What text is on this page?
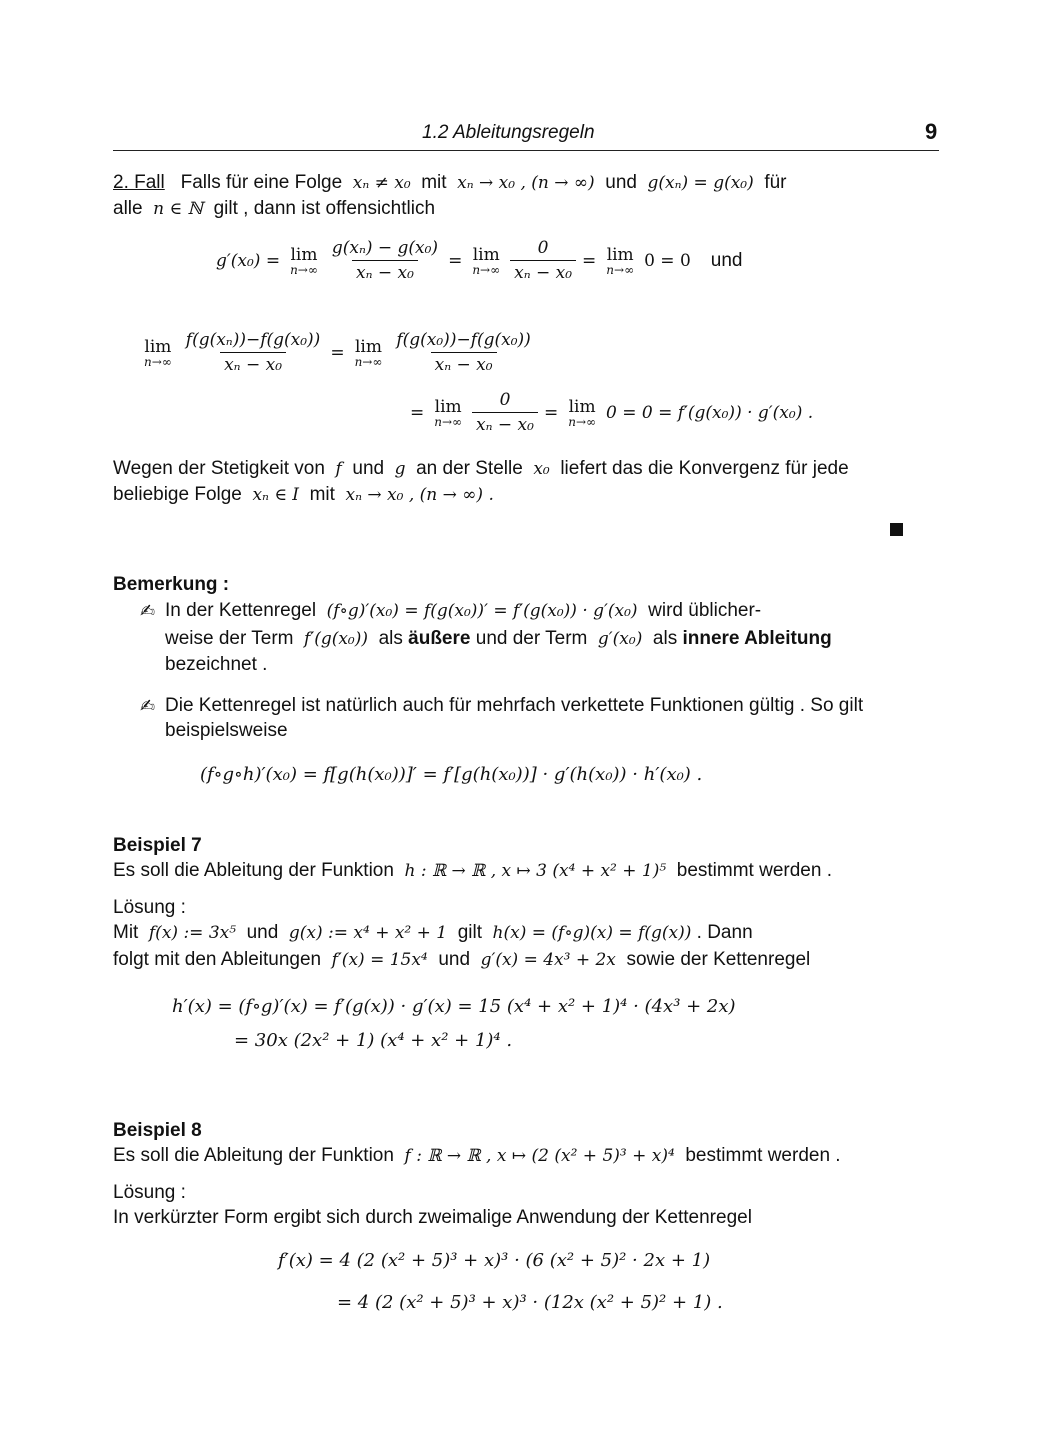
1.2 Ableitungsregeln	9
2. Fall Falls für eine Folge xₙ ≠ x₀ mit xₙ → x₀ , (n → ∞) und g(xₙ) = g(x₀) für
alle n ∈ ℕ gilt , dann ist offensichtlich
g′(x₀) = lim
$n\to\infty \frac{\text{g(xₙ) − g(x₀)}}{\text{xₙ − x₀}} = \lim$
$n\to\infty \frac{0}{\text{xₙ − x₀}} = \lim$
n→∞ 0 = 0 und
lim
$n\to\infty \frac{\text{f(g(xₙ))−f(g(x₀))}}{\text{xₙ − x₀}} = \lim$
$n\to\infty \frac{\text{f(g(x₀))−f(g(x₀))}}{\text{xₙ − x₀}}$
= lim
$n\to\infty \frac{0}{\text{xₙ − x₀}} = \lim$
n→∞ 0 = 0 = f′(g(x₀)) · g′(x₀) .
Wegen der Stetigkeit von f und g an der Stelle x₀ liefert das die Konvergenz für jede
beliebige Folge xₙ ∈ I mit xₙ → x₀ , (n → ∞) .
Bemerkung :
✍ In der Kettenregel (f∘g)′(x₀) = f(g(x₀))′ = f′(g(x₀)) · g′(x₀) wird üblicher-
weise der Term f′(g(x₀)) als äußere und der Term g′(x₀) als innere Ableitung
bezeichnet .
✍ Die Kettenregel ist natürlich auch für mehrfach verkettete Funktionen gültig . So gilt
beispielsweise
(f∘g∘h)′(x₀) = f[g(h(x₀))]′ = f′[g(h(x₀))] · g′(h(x₀)) · h′(x₀) .
Beispiel 7
Es soll die Ableitung der Funktion h : ℝ → ℝ , x ↦ 3 (x⁴ + x² + 1)⁵ bestimmt werden .
Lösung :
Mit f(x) := 3x⁵ und g(x) := x⁴ + x² + 1 gilt h(x) = (f∘g)(x) = f(g(x)) . Dann
folgt mit den Ableitungen f′(x) = 15x⁴ und g′(x) = 4x³ + 2x sowie der Kettenregel
h′(x) = (f∘g)′(x) = f′(g(x)) · g′(x) = 15 (x⁴ + x² + 1)⁴ · (4x³ + 2x)
= 30x (2x² + 1) (x⁴ + x² + 1)⁴ .
Beispiel 8
Es soll die Ableitung der Funktion f : ℝ → ℝ , x ↦ (2 (x² + 5)³ + x)⁴ bestimmt werden .
Lösung :
In verkürzter Form ergibt sich durch zweimalige Anwendung der Kettenregel
f′(x) = 4 (2 (x² + 5)³ + x)³ · (6 (x² + 5)² · 2x + 1)
= 4 (2 (x² + 5)³ + x)³ · (12x (x² + 5)² + 1) .
